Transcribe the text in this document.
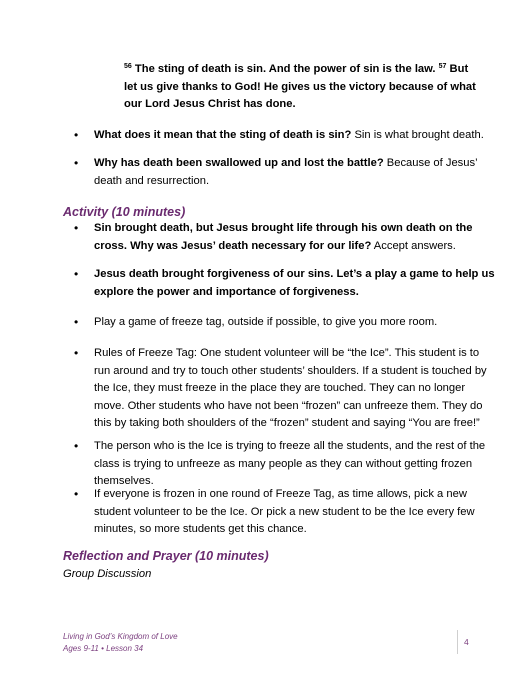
$^{56}$ The sting of death is sin. And the power of sin is the law. $^{57}$ But let us give thanks to God! He gives us the victory because of what our Lord Jesus Christ has done.
• What does it mean that the sting of death is sin? Sin is what brought death.
• Why has death been swallowed up and lost the battle? Because of Jesus’ death and resurrection.
Activity (10 minutes)
• Sin brought death, but Jesus brought life through his own death on the cross. Why was Jesus’ death necessary for our life? Accept answers.
• Jesus death brought forgiveness of our sins. Let’s a play a game to help us explore the power and importance of forgiveness.
• Play a game of freeze tag, outside if possible, to give you more room.
• Rules of Freeze Tag: One student volunteer will be “the Ice”. This student is to run around and try to touch other students’ shoulders. If a student is touched by the Ice, they must freeze in the place they are touched. They can no longer move. Other students who have not been “frozen” can unfreeze them. They do this by taking both shoulders of the “frozen” student and saying “You are free!”
• The person who is the Ice is trying to freeze all the students, and the rest of the class is trying to unfreeze as many people as they can without getting frozen themselves.
• If everyone is frozen in one round of Freeze Tag, as time allows, pick a new student volunteer to be the Ice. Or pick a new student to be the Ice every few minutes, so more students get this chance.
Reflection and Prayer (10 minutes)
Group Discussion
Living in God’s Kingdom of Love
Ages 9-11 • Lesson 34
4
